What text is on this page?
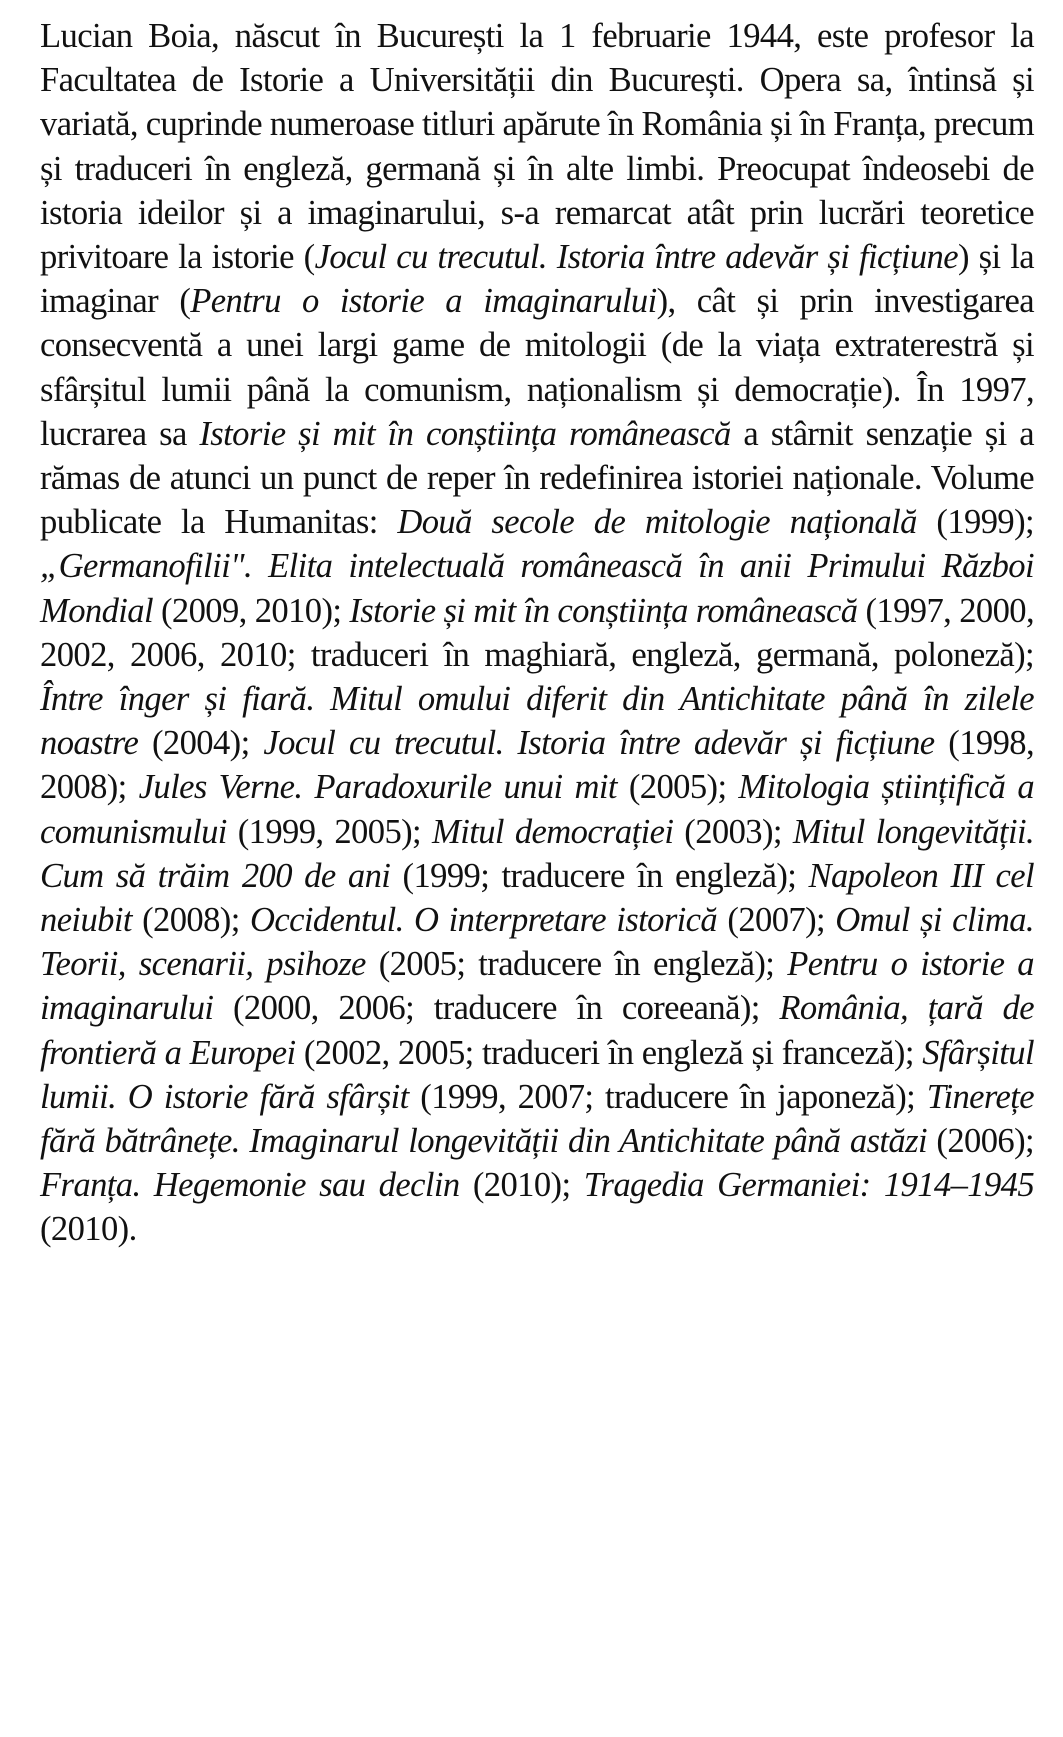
Lucian Boia, născut în București la 1 februarie 1944, este profesor la Facultatea de Istorie a Universității din București. Opera sa, întinsă și variată, cuprinde numeroase titluri apărute în România și în Franța, precum și traduceri în engleză, germană și în alte limbi. Preocupat îndeosebi de istoria ideilor și a imaginarului, s-a remarcat atât prin lucrări teoretice privitoare la istorie (Jocul cu trecutul. Istoria între adevăr și ficțiune) și la imaginar (Pentru o istorie a imaginarului), cât și prin investigarea consecventă a unei largi game de mitologii (de la viața extraterestră și sfârșitul lumii până la comunism, naționalism și democrație). În 1997, lucrarea sa Istorie și mit în conștiința românească a stârnit senzație și a rămas de atunci un punct de reper în redefinirea istoriei naționale. Volume publicate la Humanitas: Două secole de mitologie națională (1999); „Germanofilii". Elita intelectuală românească în anii Primului Război Mondial (2009, 2010); Istorie și mit în conștiința românească (1997, 2000, 2002, 2006, 2010; traduceri în maghiară, engleză, germană, poloneză); Între înger și fiară. Mitul omului diferit din Antichitate până în zilele noastre (2004); Jocul cu trecutul. Istoria între adevăr și ficțiune (1998, 2008); Jules Verne. Paradoxurile unui mit (2005); Mitologia științifică a comunismului (1999, 2005); Mitul democrației (2003); Mitul longevității. Cum să trăim 200 de ani (1999; traducere în engleză); Napoleon III cel neiubit (2008); Occidentul. O interpretare istorică (2007); Omul și clima. Teorii, scenarii, psihoze (2005; traducere în engleză); Pentru o istorie a imaginarului (2000, 2006; traducere în coreeană); România, țară de frontieră a Europei (2002, 2005; traduceri în engleză și franceză); Sfârșitul lumii. O istorie fără sfârșit (1999, 2007; traducere în japoneză); Tinerețe fără bătrânețe. Imaginarul longevității din Antichitate până astăzi (2006); Franța. Hegemonie sau declin (2010); Tragedia Germaniei: 1914–1945 (2010).
